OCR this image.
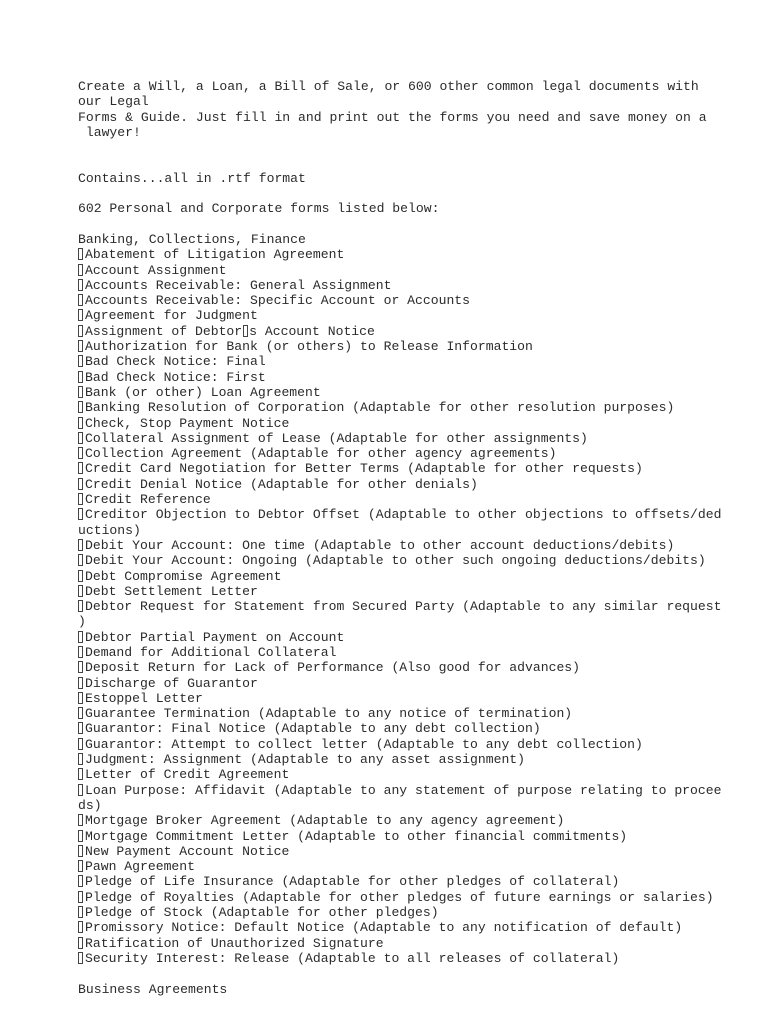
Create a Will, a Loan, a Bill of Sale, or 600 other common legal documents with
our Legal
Forms & Guide. Just fill in and print out the forms you need and save money on a
lawyer!
Contains...all in .rtf format
602 Personal and Corporate forms listed below:
Banking, Collections, Finance
Abatement of Litigation Agreement
Account Assignment
Accounts Receivable: General Assignment
Accounts Receivable: Specific Account or Accounts
Agreement for Judgment
Assignment of Debtor s Account Notice
Authorization for Bank (or others) to Release Information
Bad Check Notice: Final
Bad Check Notice: First
Bank (or other) Loan Agreement
Banking Resolution of Corporation (Adaptable for other resolution purposes)
Check, Stop Payment Notice
Collateral Assignment of Lease (Adaptable for other assignments)
Collection Agreement (Adaptable for other agency agreements)
Credit Card Negotiation for Better Terms (Adaptable for other requests)
Credit Denial Notice (Adaptable for other denials)
Credit Reference
Creditor Objection to Debtor Offset (Adaptable to other objections to offsets/ded
uctions)
Debit Your Account: One time (Adaptable to other account deductions/debits)
Debit Your Account: Ongoing (Adaptable to other such ongoing deductions/debits)
Debt Compromise Agreement
Debt Settlement Letter
Debtor Request for Statement from Secured Party (Adaptable to any similar request
)
Debtor Partial Payment on Account
Demand for Additional Collateral
Deposit Return for Lack of Performance (Also good for advances)
Discharge of Guarantor
Estoppel Letter
Guarantee Termination (Adaptable to any notice of termination)
Guarantor: Final Notice (Adaptable to any debt collection)
Guarantor: Attempt to collect letter (Adaptable to any debt collection)
Judgment: Assignment (Adaptable to any asset assignment)
Letter of Credit Agreement
Loan Purpose: Affidavit (Adaptable to any statement of purpose relating to procee
ds)
Mortgage Broker Agreement (Adaptable to any agency agreement)
Mortgage Commitment Letter (Adaptable to other financial commitments)
New Payment Account Notice
Pawn Agreement
Pledge of Life Insurance (Adaptable for other pledges of collateral)
Pledge of Royalties (Adaptable for other pledges of future earnings or salaries)
Pledge of Stock (Adaptable for other pledges)
Promissory Notice: Default Notice (Adaptable to any notification of default)
Ratification of Unauthorized Signature
Security Interest: Release (Adaptable to all releases of collateral)
Business Agreements
